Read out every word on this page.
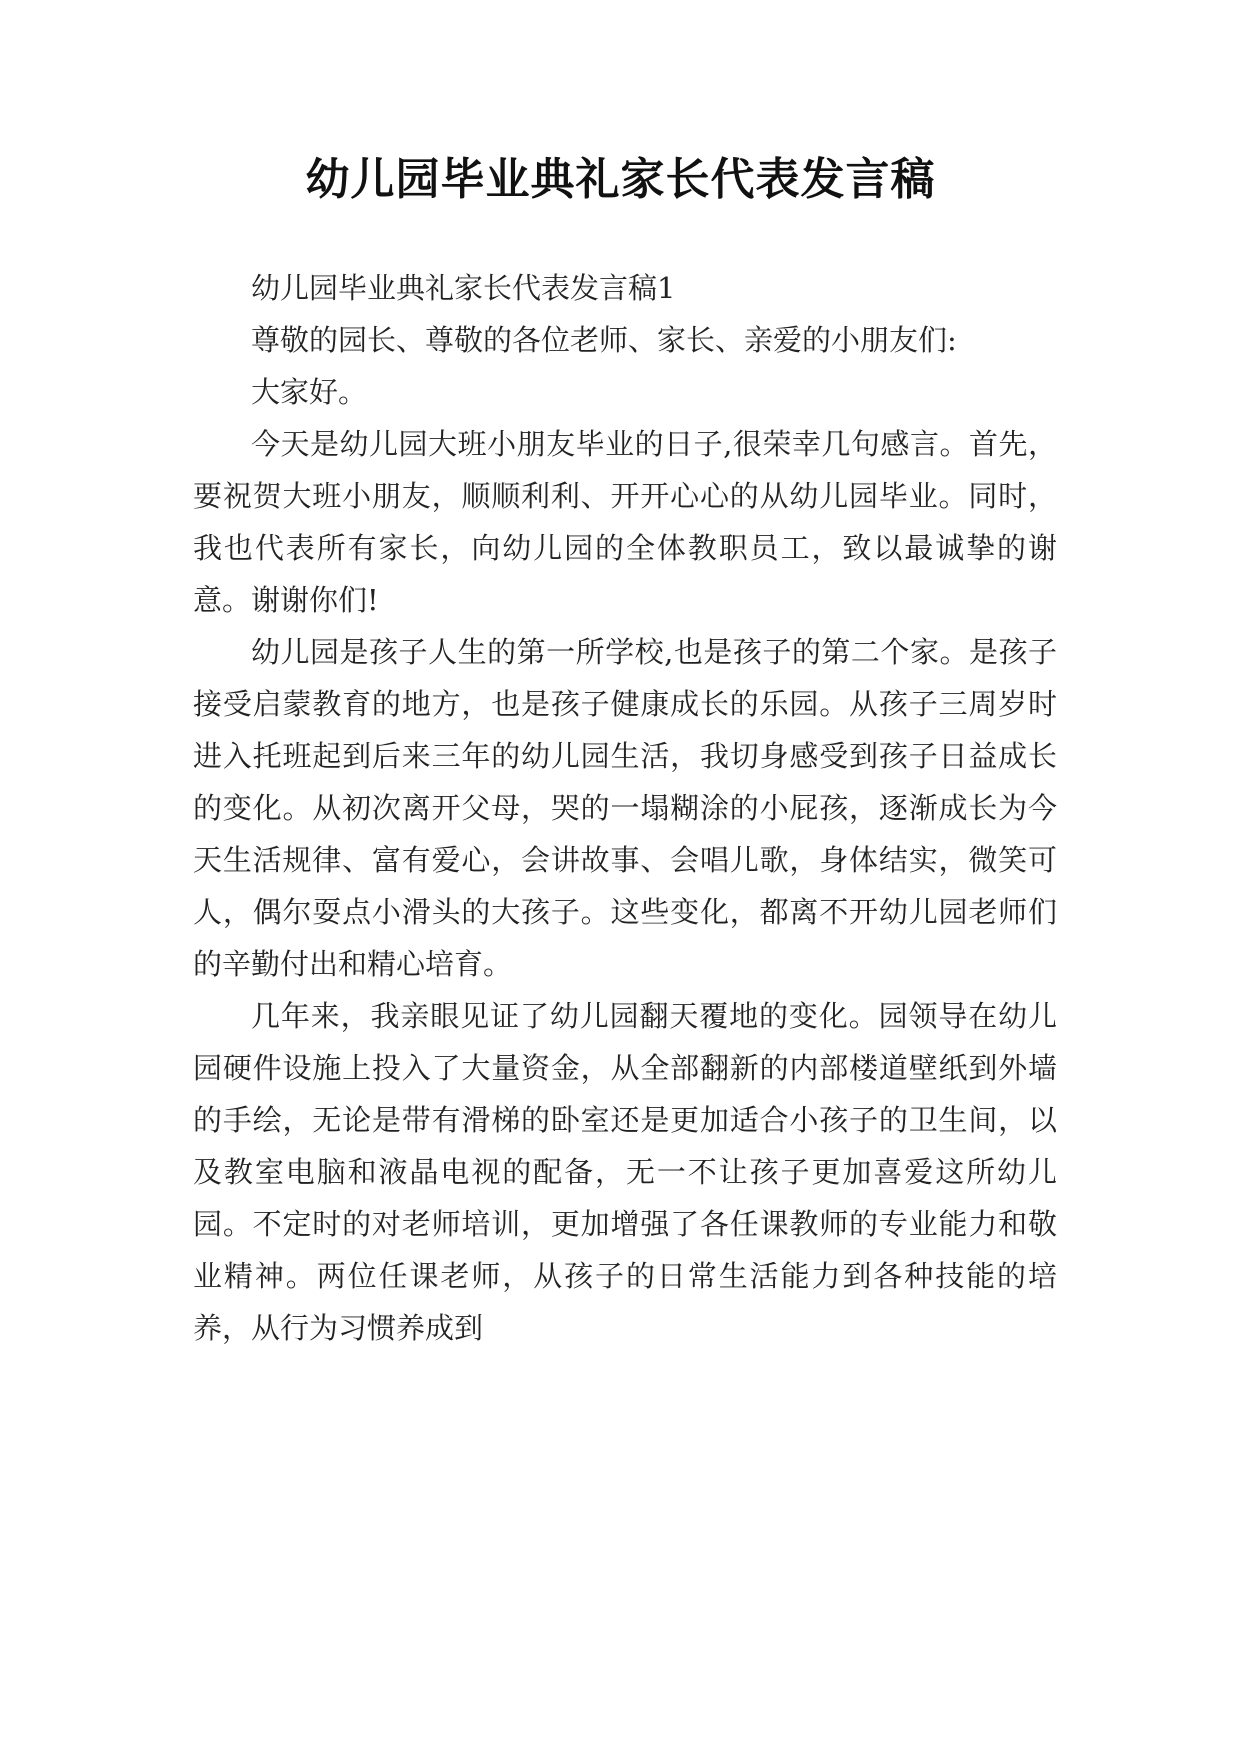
幼儿园毕业典礼家长代表发言稿

幼儿园毕业典礼家长代表发言稿1

尊敬的园长、尊敬的各位老师、家长、亲爱的小朋友们:

大家好。

今天是幼儿园大班小朋友毕业的日子,很荣幸几句感言。首先，要祝贺大班小朋友，顺顺利利、开开心心的从幼儿园毕业。同时，我也代表所有家长，向幼儿园的全体教职员工，致以最诚挚的谢意。谢谢你们!

幼儿园是孩子人生的第一所学校,也是孩子的第二个家。是孩子接受启蒙教育的地方，也是孩子健康成长的乐园。从孩子三周岁时进入托班起到后来三年的幼儿园生活，我切身感受到孩子日益成长的变化。从初次离开父母，哭的一塌糊涂的小屁孩，逐渐成长为今天生活规律、富有爱心，会讲故事、会唱儿歌，身体结实，微笑可人，偶尔耍点小滑头的大孩子。这些变化，都离不开幼儿园老师们的辛勤付出和精心培育。

几年来，我亲眼见证了幼儿园翻天覆地的变化。园领导在幼儿园硬件设施上投入了大量资金，从全部翻新的内部楼道壁纸到外墙的手绘，无论是带有滑梯的卧室还是更加适合小孩子的卫生间，以及教室电脑和液晶电视的配备，无一不让孩子更加喜爱这所幼儿园。不定时的对老师培训，更加增强了各任课教师的专业能力和敬业精神。两位任课老师，从孩子的日常生活能力到各种技能的培养，从行为习惯养成到
